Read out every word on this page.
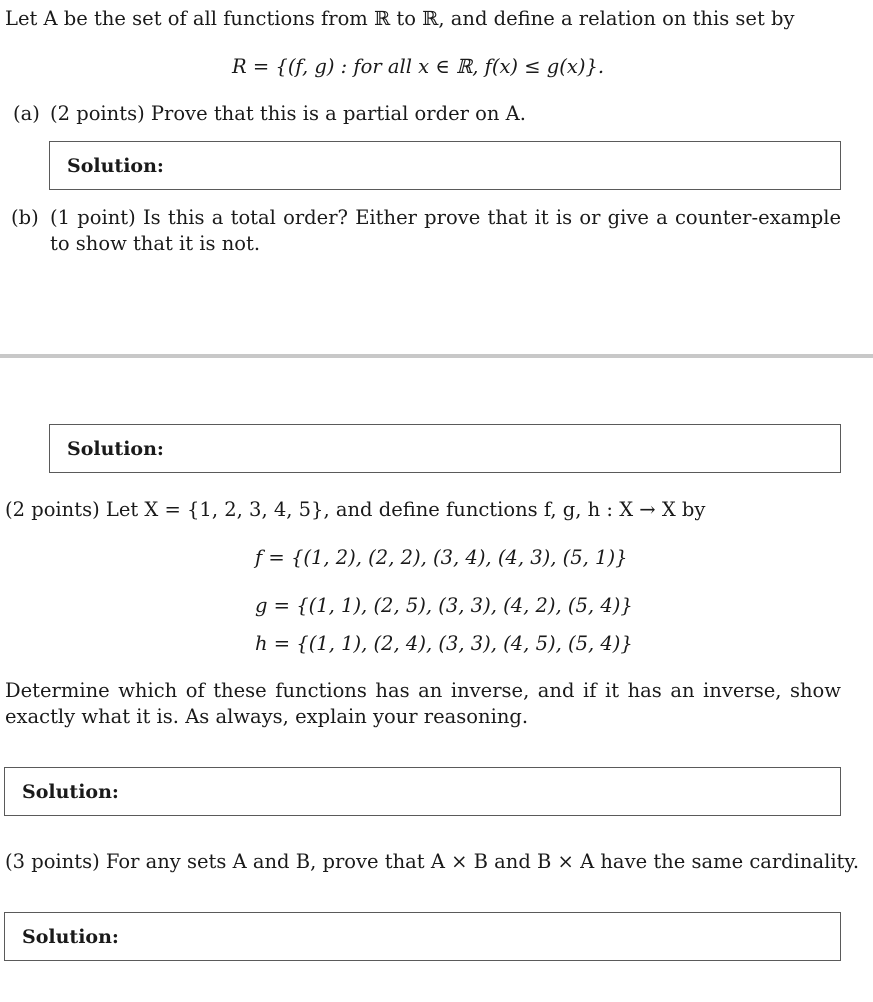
Let A be the set of all functions from ℝ to ℝ, and define a relation on this set by
R = {(f, g) : for all x ∈ ℝ, f(x) ≤ g(x)}.
(a) (2 points) Prove that this is a partial order on A.
Solution:
(b) (1 point) Is this a total order? Either prove that it is or give a counter-example to show that it is not.
Solution:
(2 points) Let X = {1, 2, 3, 4, 5}, and define functions f, g, h : X → X by
f = {(1, 2), (2, 2), (3, 4), (4, 3), (5, 1)}
g = {(1, 1), (2, 5), (3, 3), (4, 2), (5, 4)}
h = {(1, 1), (2, 4), (3, 3), (4, 5), (5, 4)}
Determine which of these functions has an inverse, and if it has an inverse, show exactly what it is. As always, explain your reasoning.
Solution:
(3 points) For any sets A and B, prove that A × B and B × A have the same cardinality.
Solution:
